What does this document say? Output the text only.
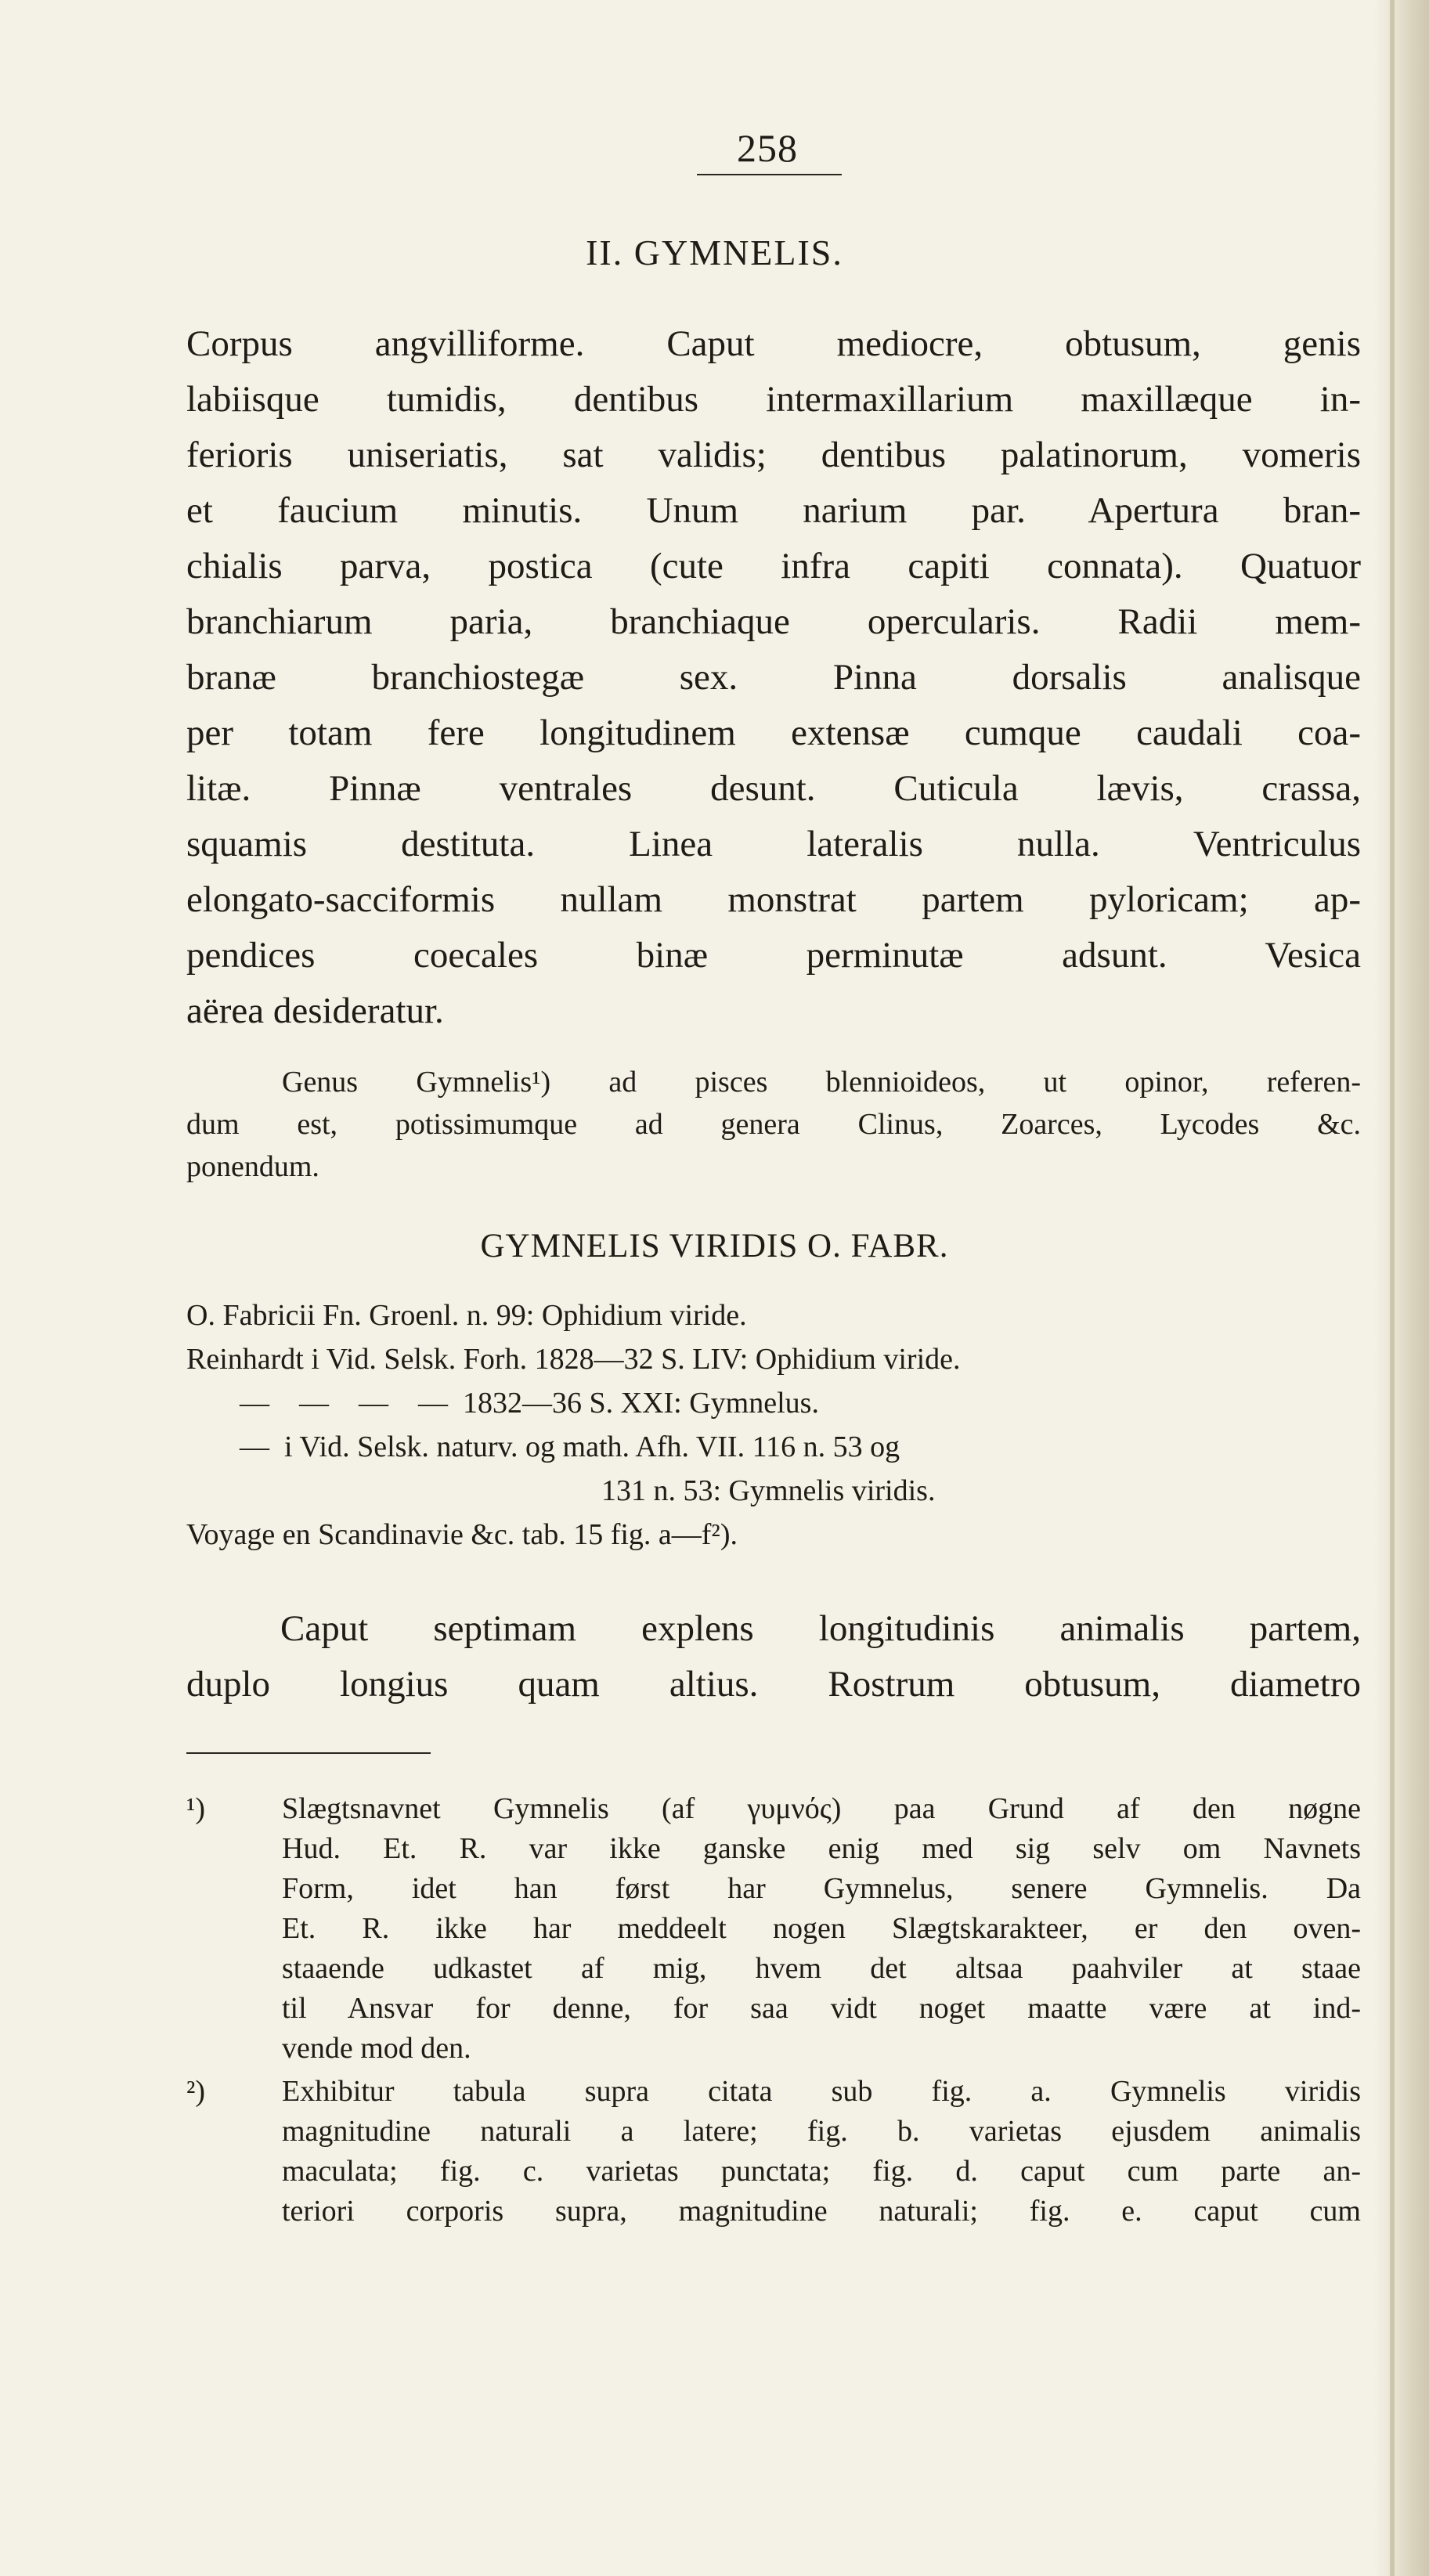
258
II. GYMNELIS.
Corpus angvilliforme. Caput mediocre, obtusum, genis
labiisque tumidis, dentibus intermaxillarium maxillæque in-
ferioris uniseriatis, sat validis; dentibus palatinorum, vomeris
et faucium minutis. Unum narium par. Apertura bran-
chialis parva, postica (cute infra capiti connata). Quatuor
branchiarum paria, branchiaque opercularis. Radii mem-
branæ branchiostegæ sex. Pinna dorsalis analisque
per totam fere longitudinem extensæ cumque caudali coa-
litæ. Pinnæ ventrales desunt. Cuticula lævis, crassa,
squamis destituta. Linea lateralis nulla. Ventriculus
elongato-sacciformis nullam monstrat partem pyloricam; ap-
pendices coecales binæ perminutæ adsunt. Vesica
aërea desideratur.
Genus Gymnelis¹) ad pisces blennioideos, ut opinor, referen-
dum est, potissimumque ad genera Clinus, Zoarces, Lycodes &c.
ponendum.
GYMNELIS VIRIDIS O. FABR.
O. Fabricii Fn. Groenl. n. 99: Ophidium viride.
Reinhardt i Vid. Selsk. Forh. 1828—32 S. LIV: Ophidium viride.
—    —    —    —  1832—36 S. XXI: Gymnelus.
—  i Vid. Selsk. naturv. og math. Afh. VII. 116 n. 53 og
131 n. 53: Gymnelis viridis.
Voyage en Scandinavie &c. tab. 15 fig. a—f²).
Caput septimam explens longitudinis animalis partem,
duplo longius quam altius. Rostrum obtusum, diametro
¹)	Slægtsnavnet Gymnelis (af γυμνός) paa Grund af den nøgne
Hud. Et. R. var ikke ganske enig med sig selv om Navnets
Form, idet han først har Gymnelus, senere Gymnelis. Da
Et. R. ikke har meddeelt nogen Slægtskarakteer, er den oven-
staaende udkastet af mig, hvem det altsaa paahviler at staae
til Ansvar for denne, for saa vidt noget maatte være at ind-
vende mod den.
²)	Exhibitur tabula supra citata sub fig. a. Gymnelis viridis
magnitudine naturali a latere; fig. b. varietas ejusdem animalis
maculata; fig. c. varietas punctata; fig. d. caput cum parte an-
teriori corporis supra, magnitudine naturali; fig. e. caput cum
